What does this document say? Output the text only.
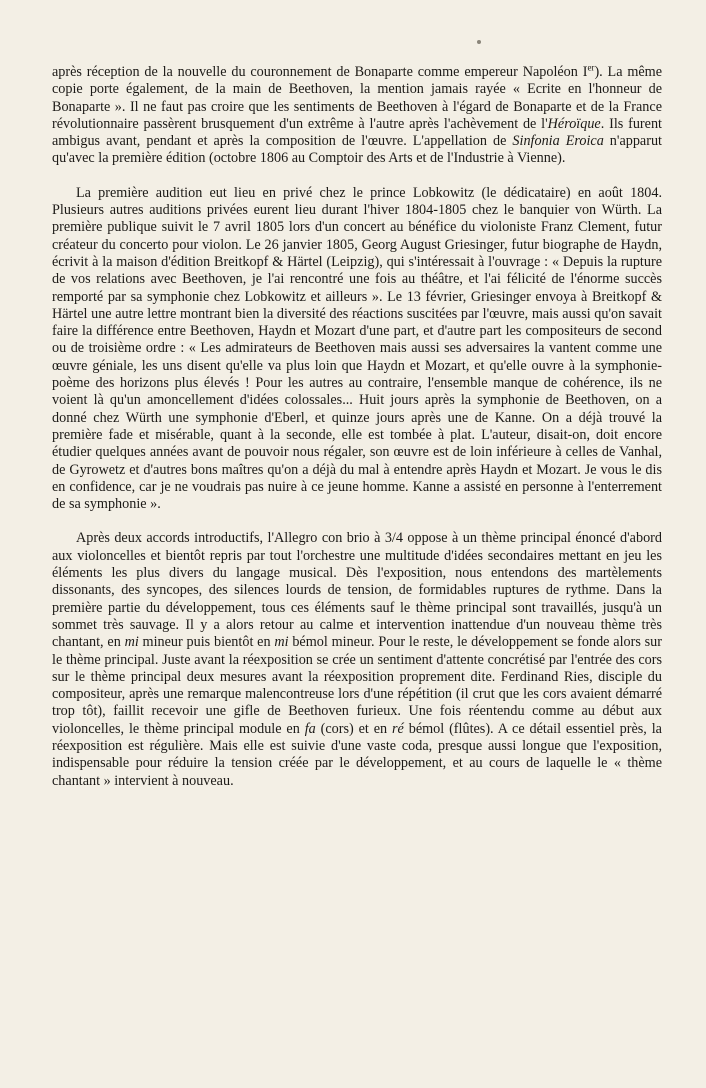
après réception de la nouvelle du couronnement de Bonaparte comme empereur Napoléon Ier). La même copie porte également, de la main de Beethoven, la mention jamais rayée « Ecrite en l'honneur de Bonaparte ». Il ne faut pas croire que les sentiments de Beethoven à l'égard de Bonaparte et de la France révolutionnaire passèrent brusquement d'un extrême à l'autre après l'achèvement de l'Héroïque. Ils furent ambigus avant, pendant et après la composition de l'œuvre. L'appellation de Sinfonia Eroica n'apparut qu'avec la première édition (octobre 1806 au Comptoir des Arts et de l'Industrie à Vienne).

La première audition eut lieu en privé chez le prince Lobkowitz (le dédicataire) en août 1804. Plusieurs autres auditions privées eurent lieu durant l'hiver 1804-1805 chez le banquier von Würth. La première publique suivit le 7 avril 1805 lors d'un concert au bénéfice du violoniste Franz Clement, futur créateur du concerto pour violon. Le 26 janvier 1805, Georg August Griesinger, futur biographe de Haydn, écrivit à la maison d'édition Breitkopf & Härtel (Leipzig), qui s'intéressait à l'ouvrage : « Depuis la rupture de vos relations avec Beethoven, je l'ai rencontré une fois au théâtre, et l'ai félicité de l'énorme succès remporté par sa symphonie chez Lobkowitz et ailleurs ». Le 13 février, Griesinger envoya à Breitkopf & Härtel une autre lettre montrant bien la diversité des réactions suscitées par l'œuvre, mais aussi qu'on savait faire la différence entre Beethoven, Haydn et Mozart d'une part, et d'autre part les compositeurs de second ou de troisième ordre : « Les admirateurs de Beethoven mais aussi ses adversaires la vantent comme une œuvre géniale, les uns disent qu'elle va plus loin que Haydn et Mozart, et qu'elle ouvre à la symphonie-poème des horizons plus élevés ! Pour les autres au contraire, l'ensemble manque de cohérence, ils ne voient là qu'un amoncellement d'idées colossales... Huit jours après la symphonie de Beethoven, on a donné chez Würth une symphonie d'Eberl, et quinze jours après une de Kanne. On a déjà trouvé la première fade et misérable, quant à la seconde, elle est tombée à plat. L'auteur, disait-on, doit encore étudier quelques années avant de pouvoir nous régaler, son œuvre est de loin inférieure à celles de Vanhal, de Gyrowetz et d'autres bons maîtres qu'on a déjà du mal à entendre après Haydn et Mozart. Je vous le dis en confidence, car je ne voudrais pas nuire à ce jeune homme. Kanne a assisté en personne à l'enterrement de sa symphonie ».

Après deux accords introductifs, l'Allegro con brio à 3/4 oppose à un thème principal énoncé d'abord aux violoncelles et bientôt repris par tout l'orchestre une multitude d'idées secondaires mettant en jeu les éléments les plus divers du langage musical. Dès l'exposition, nous entendons des martèlements dissonants, des syncopes, des silences lourds de tension, de formidables ruptures de rythme. Dans la première partie du développement, tous ces éléments sauf le thème principal sont travaillés, jusqu'à un sommet très sauvage. Il y a alors retour au calme et intervention inattendue d'un nouveau thème très chantant, en mi mineur puis bientôt en mi bémol mineur. Pour le reste, le développement se fonde alors sur le thème principal. Juste avant la réexposition se crée un sentiment d'attente concrétisé par l'entrée des cors sur le thème principal deux mesures avant la réexposition proprement dite. Ferdinand Ries, disciple du compositeur, après une remarque malencontreuse lors d'une répétition (il crut que les cors avaient démarré trop tôt), faillit recevoir une gifle de Beethoven furieux. Une fois réentendu comme au début aux violoncelles, le thème principal module en fa (cors) et en ré bémol (flûtes). A ce détail essentiel près, la réexposition est régulière. Mais elle est suivie d'une vaste coda, presque aussi longue que l'exposition, indispensable pour réduire la tension créée par le développement, et au cours de laquelle le « thème chantant » intervient à nouveau.
